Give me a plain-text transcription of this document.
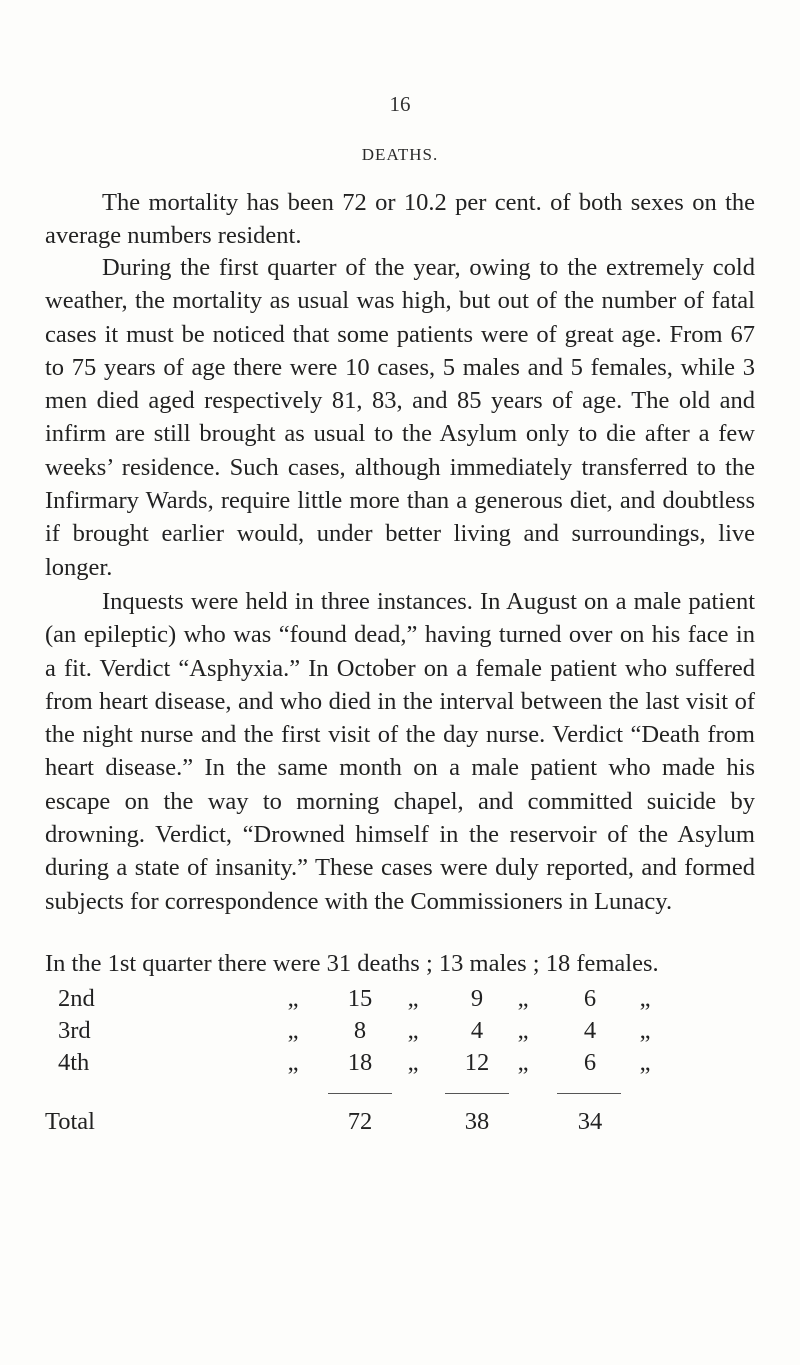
16
DEATHS.

The mortality has been 72 or 10.2 per cent. of both sexes on the average numbers resident.

During the first quarter of the year, owing to the extremely cold weather, the mortality as usual was high, but out of the number of fatal cases it must be noticed that some patients were of great age. From 67 to 75 years of age there were 10 cases, 5 males and 5 females, while 3 men died aged respectively 81, 83, and 85 years of age. The old and infirm are still brought as usual to the Asylum only to die after a few weeks’ residence. Such cases, although immediately transferred to the Infirmary Wards, require little more than a generous diet, and doubtless if brought earlier would, under better living and surroundings, live longer.

Inquests were held in three instances. In August on a male patient (an epileptic) who was “found dead,” having turned over on his face in a fit. Verdict “Asphyxia.” In October on a female patient who suffered from heart disease, and who died in the interval between the last visit of the night nurse and the first visit of the day nurse. Verdict “Death from heart disease.” In the same month on a male patient who made his escape on the way to morning chapel, and committed suicide by drowning. Verdict, “Drowned himself in the reservoir of the Asylum during a state of insanity.” These cases were duly reported, and formed subjects for correspondence with the Commissioners in Lunacy.

In the 1st quarter there were 31 deaths ; 13 males ; 18 females.
2nd	„	15	„	9	„	6	„
3rd	„	8	„	4	„	4	„
4th	„	18	„	12	„	6	„
Total	72	38	34
